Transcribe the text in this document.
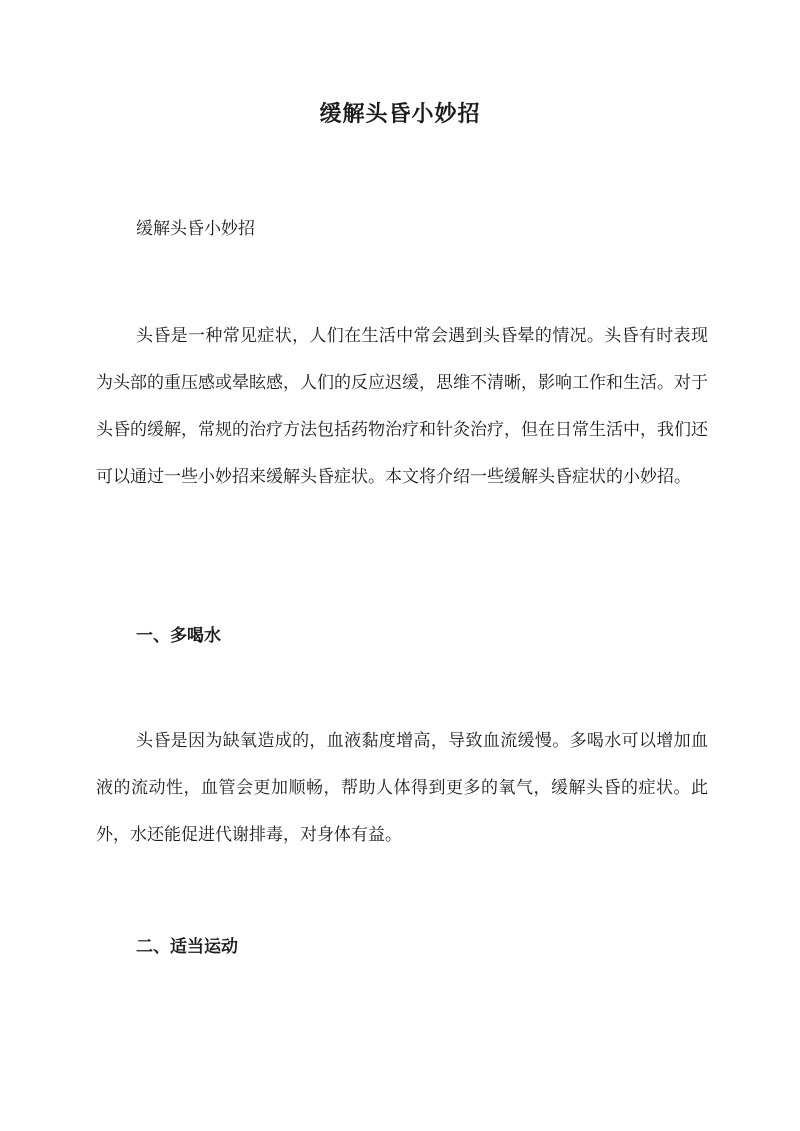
缓解头昏小妙招

缓解头昏小妙招

头昏是一种常见症状，人们在生活中常会遇到头昏晕的情况。头昏有时表现为头部的重压感或晕眩感，人们的反应迟缓，思维不清晰，影响工作和生活。对于头昏的缓解，常规的治疗方法包括药物治疗和针灸治疗，但在日常生活中，我们还可以通过一些小妙招来缓解头昏症状。本文将介绍一些缓解头昏症状的小妙招。

一、多喝水

头昏是因为缺氧造成的，血液黏度增高，导致血流缓慢。多喝水可以增加血液的流动性，血管会更加顺畅，帮助人体得到更多的氧气，缓解头昏的症状。此外，水还能促进代谢排毒，对身体有益。

二、适当运动
